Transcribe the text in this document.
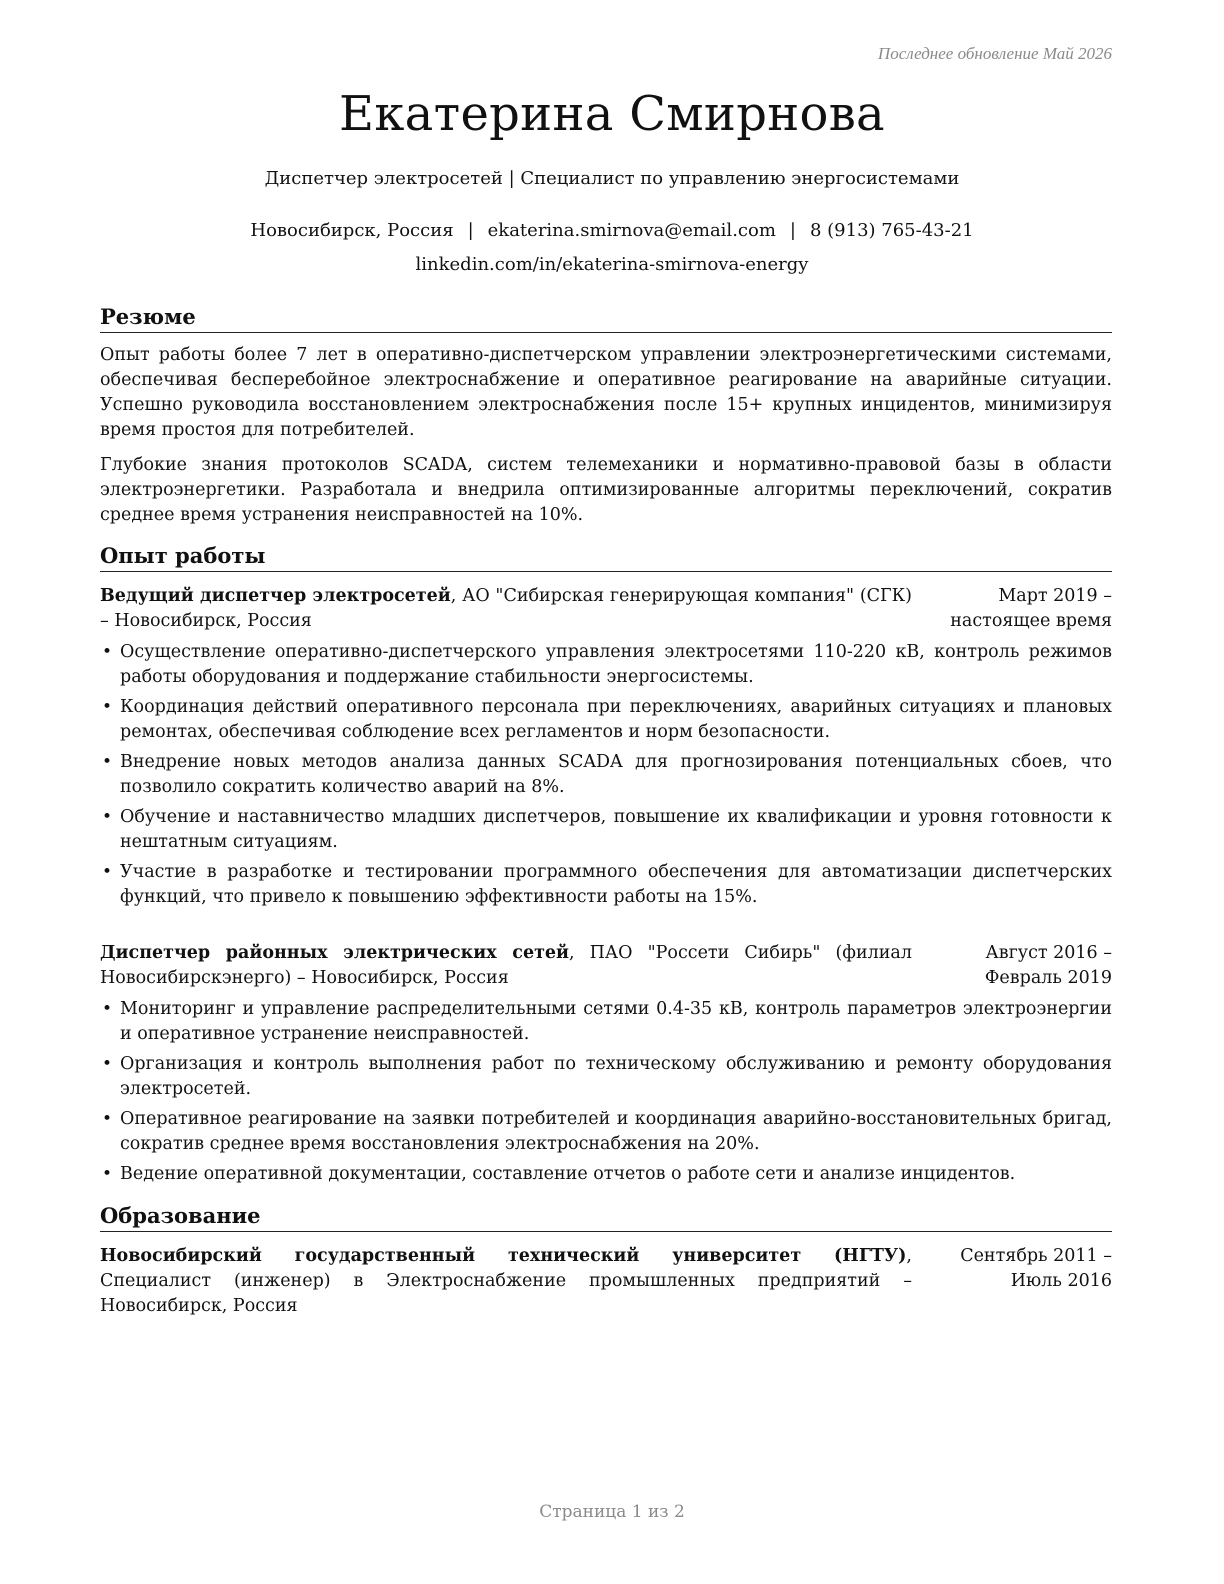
Последнее обновление Май 2026
Екатерина Смирнова
Диспетчер электросетей | Специалист по управлению энергосистемами
Новосибирск, Россия | ekaterina.smirnova@email.com | 8 (913) 765-43-21
linkedin.com/in/ekaterina-smirnova-energy
Резюме

Опыт работы более 7 лет в оперативно-диспетчерском управлении электроэнергетическими системами, обеспечивая бесперебойное электроснабжение и оперативное реагирование на аварийные ситуации. Успешно руководила восстановлением электроснабжения после 15+ крупных инцидентов, минимизируя время простоя для потребителей.

Глубокие знания протоколов SCADA, систем телемеханики и нормативно-правовой базы в области электроэнергетики. Разработала и внедрила оптимизированные алгоритмы переключений, сократив среднее время устранения неисправностей на 10%.

Опыт работы
Ведущий диспетчер электросетей, АО "Сибирская генерирующая компания" (СГК) – Новосибирск, Россия
Март 2019 – настоящее время
• Осуществление оперативно-диспетчерского управления электросетями 110-220 кВ, контроль режимов работы оборудования и поддержание стабильности энергосистемы.
• Координация действий оперативного персонала при переключениях, аварийных ситуациях и плановых ремонтах, обеспечивая соблюдение всех регламентов и норм безопасности.
• Внедрение новых методов анализа данных SCADA для прогнозирования потенциальных сбоев, что позволило сократить количество аварий на 8%.
• Обучение и наставничество младших диспетчеров, повышение их квалификации и уровня готовности к нештатным ситуациям.
• Участие в разработке и тестировании программного обеспечения для автоматизации диспетчерских функций, что привело к повышению эффективности работы на 15%.
Диспетчер районных электрических сетей, ПАО "Россети Сибирь" (филиал Новосибирскэнерго) – Новосибирск, Россия
Август 2016 – Февраль 2019
• Мониторинг и управление распределительными сетями 0.4-35 кВ, контроль параметров электроэнергии и оперативное устранение неисправностей.
• Организация и контроль выполнения работ по техническому обслуживанию и ремонту оборудования электросетей.
• Оперативное реагирование на заявки потребителей и координация аварийно-восстановительных бригад, сократив среднее время восстановления электроснабжения на 20%.
• Ведение оперативной документации, составление отчетов о работе сети и анализе инцидентов.
Образование
Новосибирский государственный технический университет (НГТУ), Специалист (инженер) в Электроснабжение промышленных предприятий – Новосибирск, Россия
Сентябрь 2011 – Июль 2016
Страница 1 из 2
